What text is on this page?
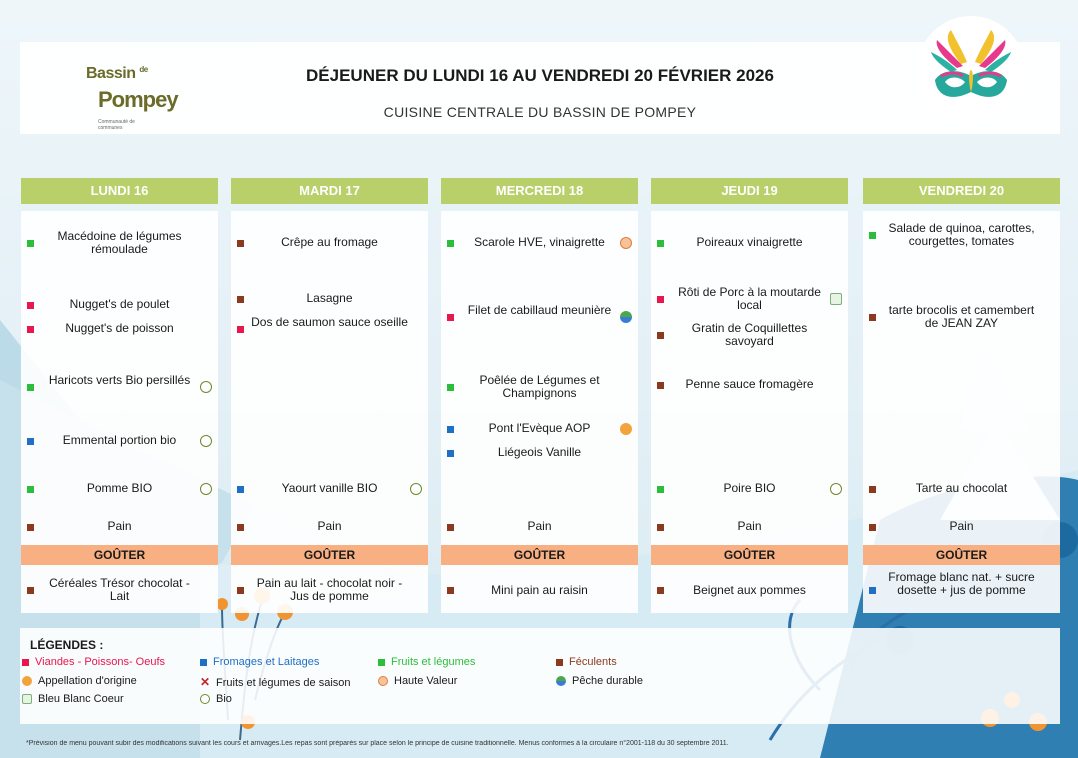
Bassin $^{de}$
Pompey
Communauté de communes
DÉJEUNER DU LUNDI 16 AU VENDREDI 20 FÉVRIER 2026
CUISINE CENTRALE DU BASSIN DE POMPEY
LUNDI 16
Macédoine de légumes rémoulade
Nugget's de poulet
Nugget's de poisson
Haricots verts Bio persillés
Emmental portion bio
Pomme BIO
Pain
GOÛTER
Céréales Trésor chocolat - Lait
MARDI 17
Crêpe au fromage
Lasagne
Dos de saumon sauce oseille
Yaourt vanille BIO
Pain
GOÛTER
Pain au lait - chocolat noir - Jus de pomme
MERCREDI 18
Scarole HVE, vinaigrette
Filet de cabillaud meunière
Poêlée de Légumes et Champignons
Pont l'Evèque AOP
Liégeois Vanille
Pain
GOÛTER
Mini pain au raisin
JEUDI 19
Poireaux vinaigrette
Rôti de Porc à la moutarde local
Gratin de Coquillettes savoyard
Penne sauce fromagère
Poire BIO
Pain
GOÛTER
Beignet aux pommes
VENDREDI 20
Salade de quinoa, carottes, courgettes, tomates
tarte brocolis et camembert de JEAN ZAY
Tarte au chocolat
Pain
GOÛTER
Fromage blanc nat. + sucre dosette + jus de pomme
LÉGENDES :
Viandes - Poissons- Oeufs	Fromages et Laitages	Fruits et légumes	Féculents
Appellation d'origine	✕ Fruits et légumes de saison	Haute Valeur	Pêche durable
Bleu Blanc Coeur	Bio
*Prévision de menu pouvant subir des modifications suivant les cours et arrivages.Les repas sont préparés sur place selon le principe de cuisine traditionnelle. Menus conformes à la circulaire n°2001-118 du 30 septembre 2011.
